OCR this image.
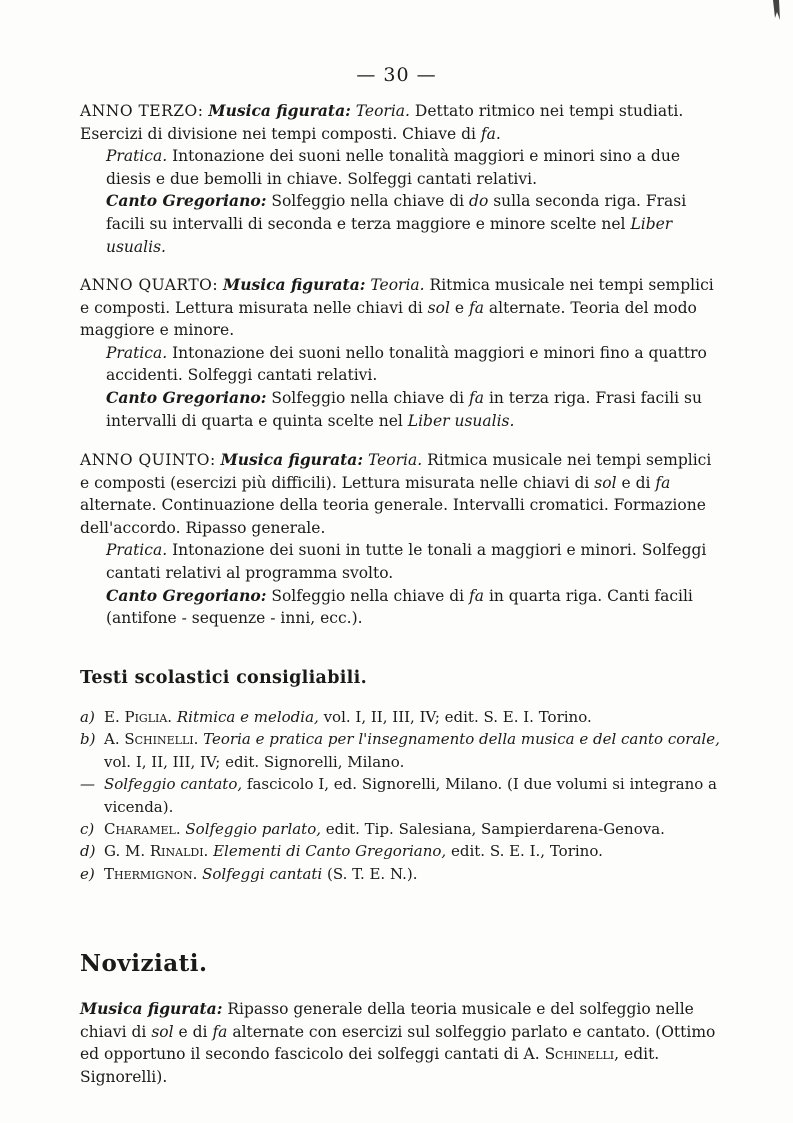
— 30 —

ANNO TERZO: Musica figurata: Teoria. Dettato ritmico nei tempi studiati. Esercizi di divisione nei tempi composti. Chiave di fa.

Pratica. Intonazione dei suoni nelle tonalità maggiori e minori sino a due diesis e due bemolli in chiave. Solfeggi cantati relativi.

Canto Gregoriano: Solfeggio nella chiave di do sulla seconda riga. Frasi facili su intervalli di seconda e terza maggiore e minore scelte nel Liber usualis.

ANNO QUARTO: Musica figurata: Teoria. Ritmica musicale nei tempi semplici e composti. Lettura misurata nelle chiavi di sol e fa alternate. Teoria del modo maggiore e minore.

Pratica. Intonazione dei suoni nello tonalità maggiori e minori fino a quattro accidenti. Solfeggi cantati relativi.

Canto Gregoriano: Solfeggio nella chiave di fa in terza riga. Frasi facili su intervalli di quarta e quinta scelte nel Liber usualis.

ANNO QUINTO: Musica figurata: Teoria. Ritmica musicale nei tempi semplici e composti (esercizi più difficili). Lettura misurata nelle chiavi di sol e di fa alternate. Continuazione della teoria generale. Intervalli cromatici. Formazione dell'accordo. Ripasso generale.

Pratica. Intonazione dei suoni in tutte le tonali a maggiori e minori. Solfeggi cantati relativi al programma svolto.

Canto Gregoriano: Solfeggio nella chiave di fa in quarta riga. Canti facili (antifone - sequenze - inni, ecc.).

Testi scolastici consigliabili.
a) E. Piglia. Ritmica e melodia, vol. I, II, III, IV; edit. S. E. I. Torino.
b) A. Schinelli. Teoria e pratica per l'insegnamento della musica e del canto corale, vol. I, II, III, IV; edit. Signorelli, Milano.
— Solfeggio cantato, fascicolo I, ed. Signorelli, Milano. (I due volumi si integrano a vicenda).
c) Charamel. Solfeggio parlato, edit. Tip. Salesiana, Sampierdarena-Genova.
d) G. M. Rinaldi. Elementi di Canto Gregoriano, edit. S. E. I., Torino.
e) Thermignon. Solfeggi cantati (S. T. E. N.).
Noviziati.

Musica figurata: Ripasso generale della teoria musicale e del solfeggio nelle chiavi di sol e di fa alternate con esercizi sul solfeggio parlato e cantato. (Ottimo ed opportuno il secondo fascicolo dei solfeggi cantati di A. Schinelli, edit. Signorelli).
